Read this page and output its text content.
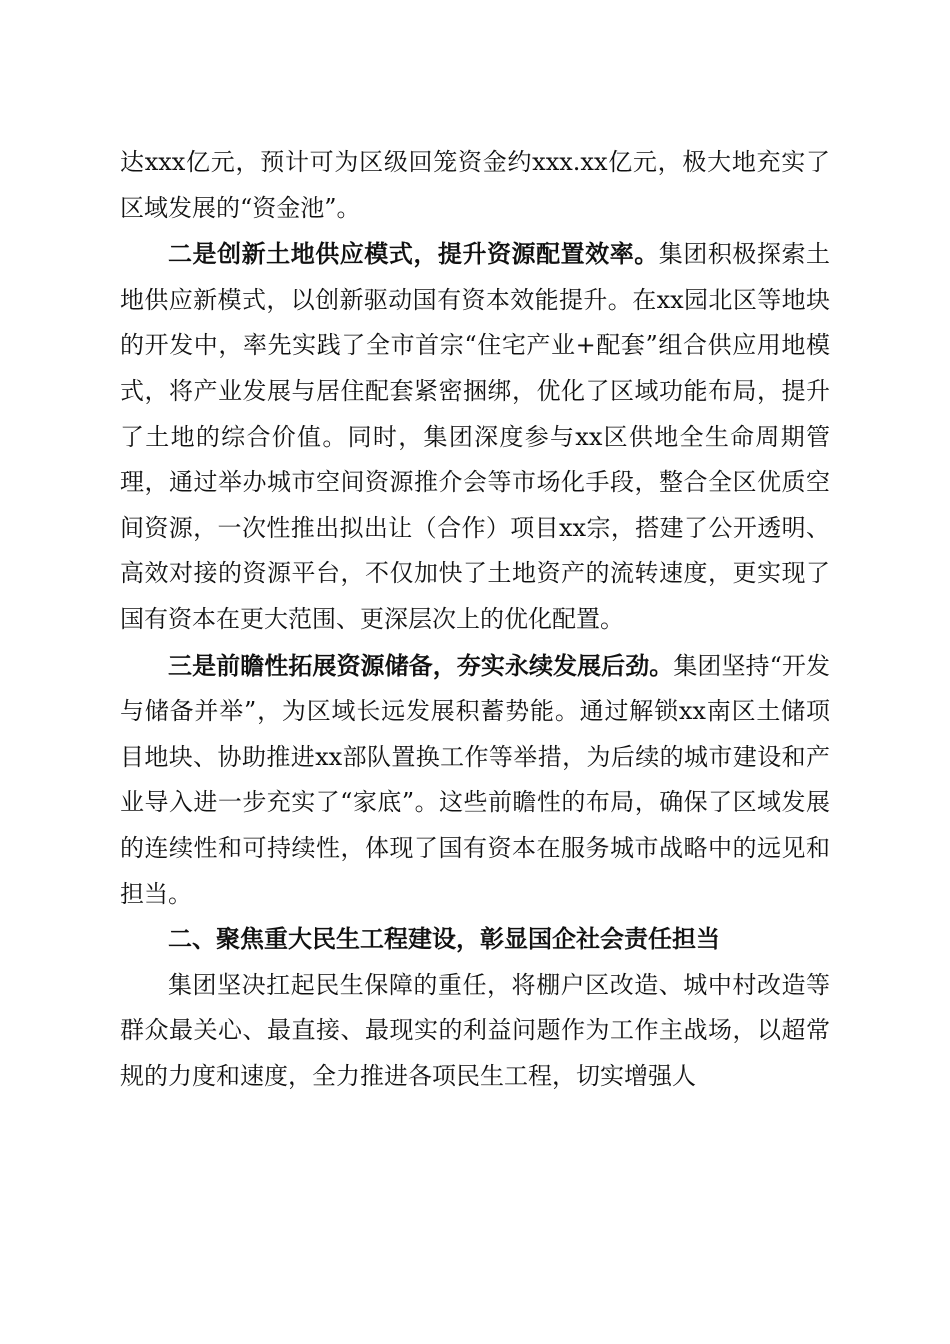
达xxx亿元，预计可为区级回笼资金约xxx.xx亿元，极大地充实了区域发展的“资金池”。

二是创新土地供应模式，提升资源配置效率。集团积极探索土地供应新模式，以创新驱动国有资本效能提升。在xx园北区等地块的开发中，率先实践了全市首宗“住宅产业+配套”组合供应用地模式，将产业发展与居住配套紧密捆绑，优化了区域功能布局，提升了土地的综合价值。同时，集团深度参与xx区供地全生命周期管理，通过举办城市空间资源推介会等市场化手段，整合全区优质空间资源，一次性推出拟出让（合作）项目xx宗，搭建了公开透明、高效对接的资源平台，不仅加快了土地资产的流转速度，更实现了国有资本在更大范围、更深层次上的优化配置。

三是前瞻性拓展资源储备，夯实永续发展后劲。集团坚持“开发与储备并举”，为区域长远发展积蓄势能。通过解锁xx南区土储项目地块、协助推进xx部队置换工作等举措，为后续的城市建设和产业导入进一步充实了“家底”。这些前瞻性的布局，确保了区域发展的连续性和可持续性，体现了国有资本在服务城市战略中的远见和担当。

二、聚焦重大民生工程建设，彰显国企社会责任担当

集团坚决扛起民生保障的重任，将棚户区改造、城中村改造等群众最关心、最直接、最现实的利益问题作为工作主战场，以超常规的力度和速度，全力推进各项民生工程，切实增强人
